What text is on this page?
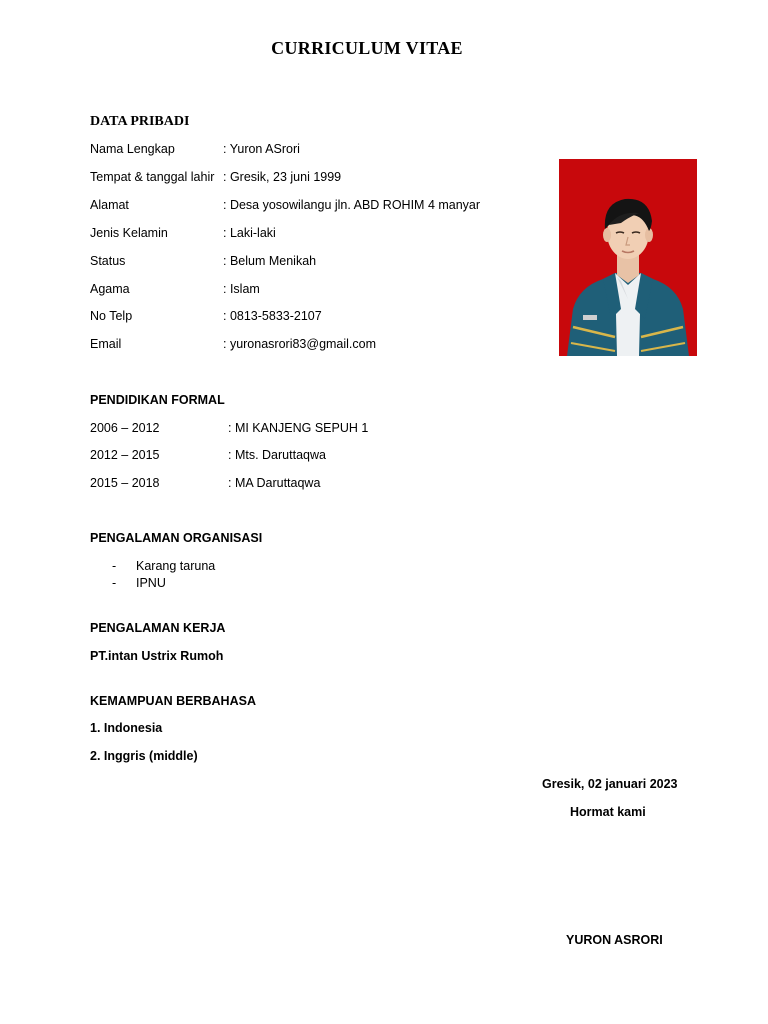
CURRICULUM VITAE
DATA PRIBADI
Nama Lengkap	: Yuron ASrori
Tempat & tanggal lahir : Gresik, 23 juni 1999
Alamat	: Desa yosowilangu jln. ABD ROHIM 4 manyar
Jenis Kelamin	: Laki-laki
Status	: Belum Menikah
Agama	: Islam
No Telp	: 0813-5833-2107
Email	: yuronasrori83@gmail.com
PENDIDIKAN FORMAL
2006 – 2012	: MI KANJENG SEPUH 1
2012 – 2015	: Mts. Daruttaqwa
2015 – 2018	: MA Daruttaqwa
PENGALAMAN ORGANISASI
- Karang taruna
- IPNU
PENGALAMAN KERJA
PT.intan Ustrix Rumoh
KEMAMPUAN BERBAHASA
1. Indonesia
2. Inggris (middle)
Gresik, 02 januari 2023
Hormat kami
YURON ASRORI
